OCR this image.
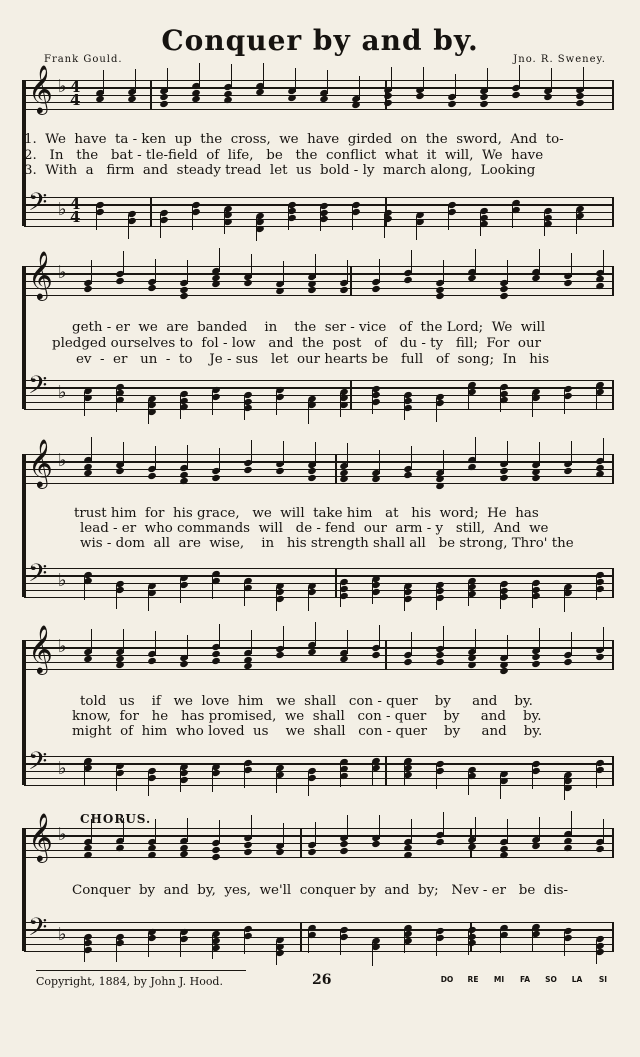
Conquer by and by.
Frank Gould.	Jno. R. Sweney.
𝄞
𝄢
♭
♭
4
4
4
4
𝄞
𝄢
♭
♭
𝄞
𝄢
♭
♭
𝄞
𝄢
♭
♭
𝄞
𝄢
♭
♭
CHORUS.
1.  We  have  ta - ken  up  the  cross,  we  have  girded  on  the  sword,  And  to-
2.   In   the   bat - tle-field  of  life,   be   the  conflict  what  it  will,  We  have
3.  With  a   firm  and  steady tread  let  us  bold - ly  march along,  Looking
geth - er  we  are  banded    in    the  ser - vice   of  the Lord;  We  will
pledged ourselves to  fol - low   and  the  post   of   du - ty   fill;  For  our
ev  -  er   un  -  to    Je - sus   let  our hearts be   full   of  song;  In   his
trust him  for  his grace,   we  will  take him   at   his  word;  He  has
lead - er  who commands  will   de - fend  our  arm - y   still,  And  we
wis - dom  all  are  wise,    in   his strength shall all   be strong, Thro' the
told   us    if   we  love  him   we  shall   con - quer    by     and    by.
know,  for   he   has promised,  we  shall   con - quer    by     and    by.
might  of  him  who loved  us    we  shall   con - quer    by     and    by.
Conquer  by  and  by,  yes,  we'll  conquer by  and  by;   Nev - er   be  dis-
Copyright, 1884, by John J. Hood.	26	DO RE MI FA SO LA SI
